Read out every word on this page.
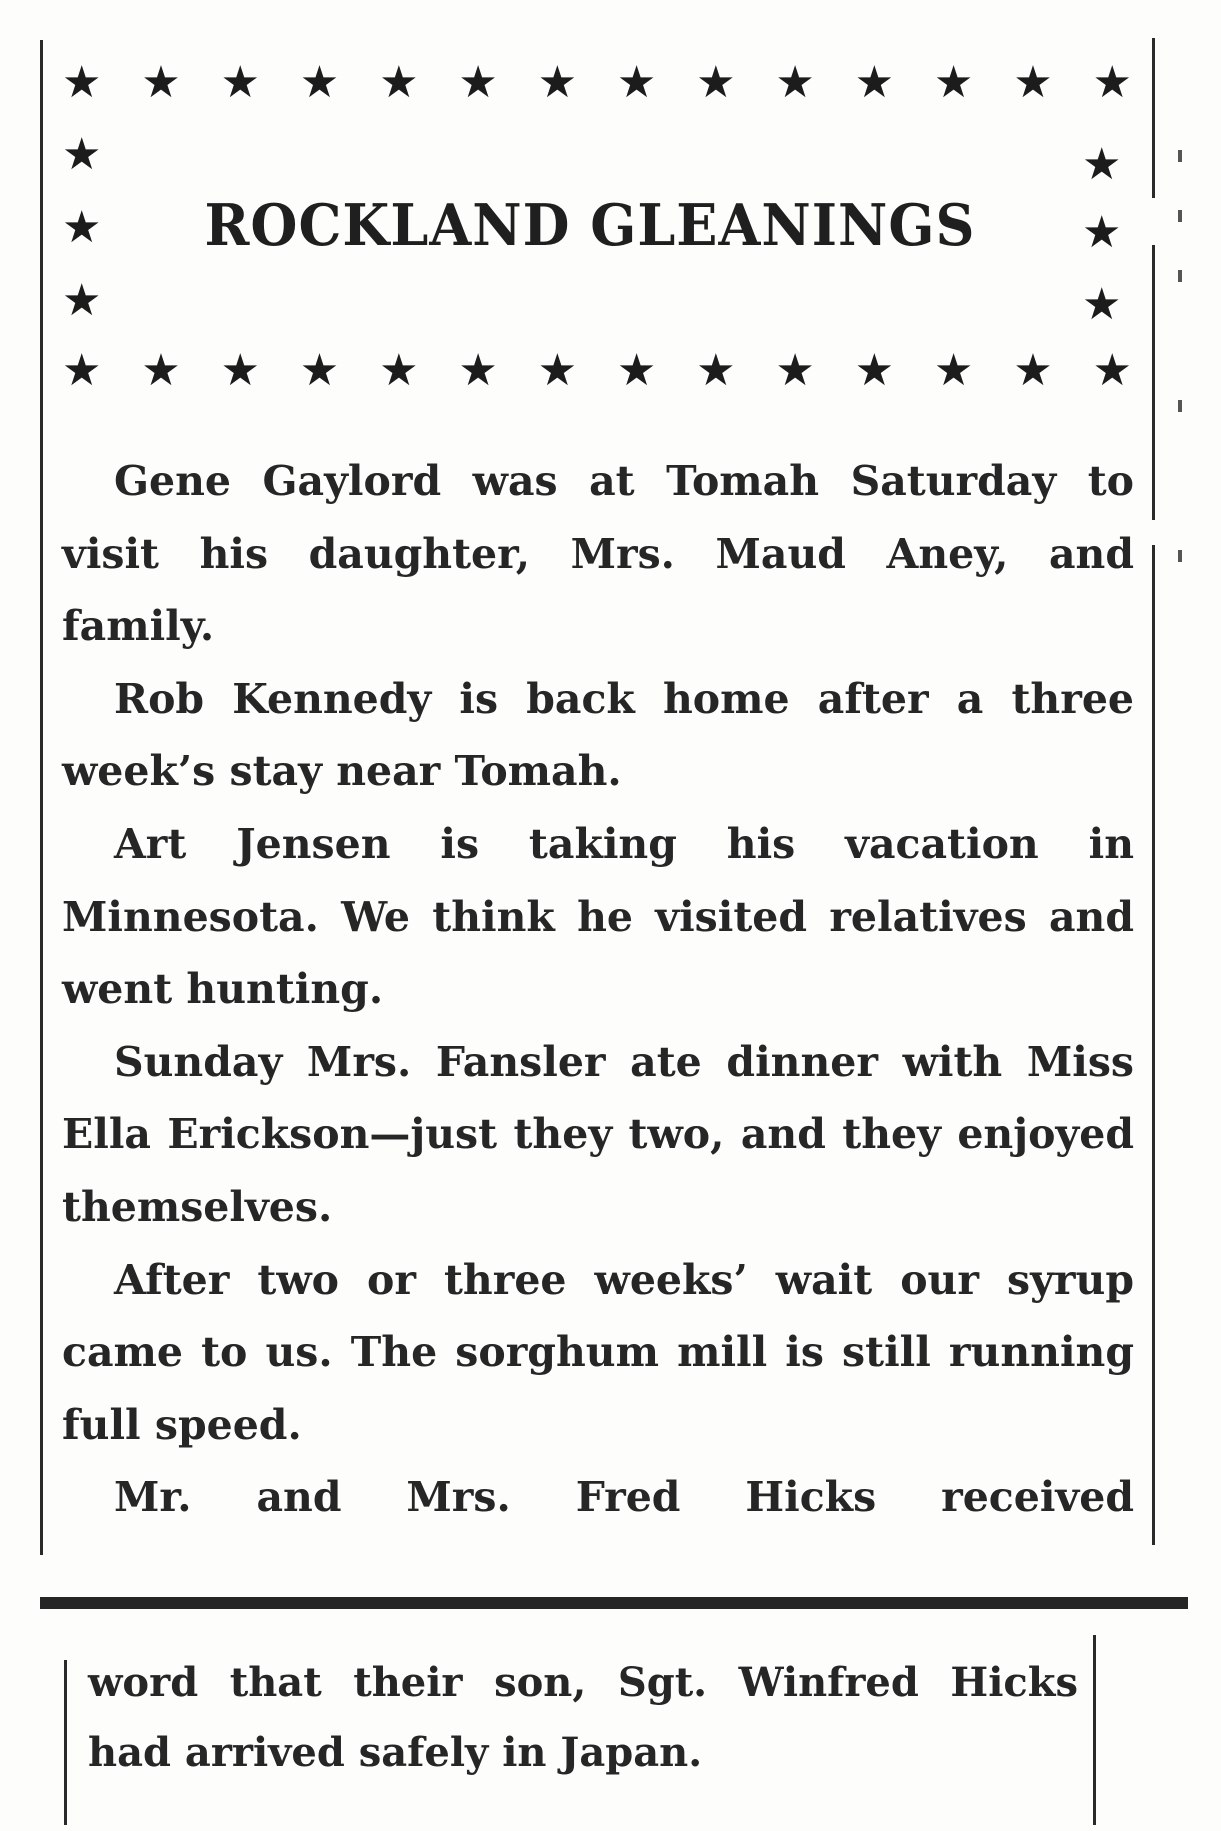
★ ★ ★ ★ ★ ★ ★ ★ ★ ★ ★ ★ ★ ★
★
★
★
★
★
★
ROCKLAND GLEANINGS
★ ★ ★ ★ ★ ★ ★ ★ ★ ★ ★ ★ ★ ★

Gene Gaylord was at Tomah Saturday to visit his daughter, Mrs. Maud Aney, and family.

Rob Kennedy is back home after a three week’s stay near Tomah.

Art Jensen is taking his vacation in Minnesota. We think he visited relatives and went hunting.

Sunday Mrs. Fansler ate dinner with Miss Ella Erickson—just they two, and they enjoyed themselves.

After two or three weeks’ wait our syrup came to us. The sorghum mill is still running full speed.

Mr. and Mrs. Fred Hicks received

word that their son, Sgt. Winfred Hicks

had arrived safely in Japan.
